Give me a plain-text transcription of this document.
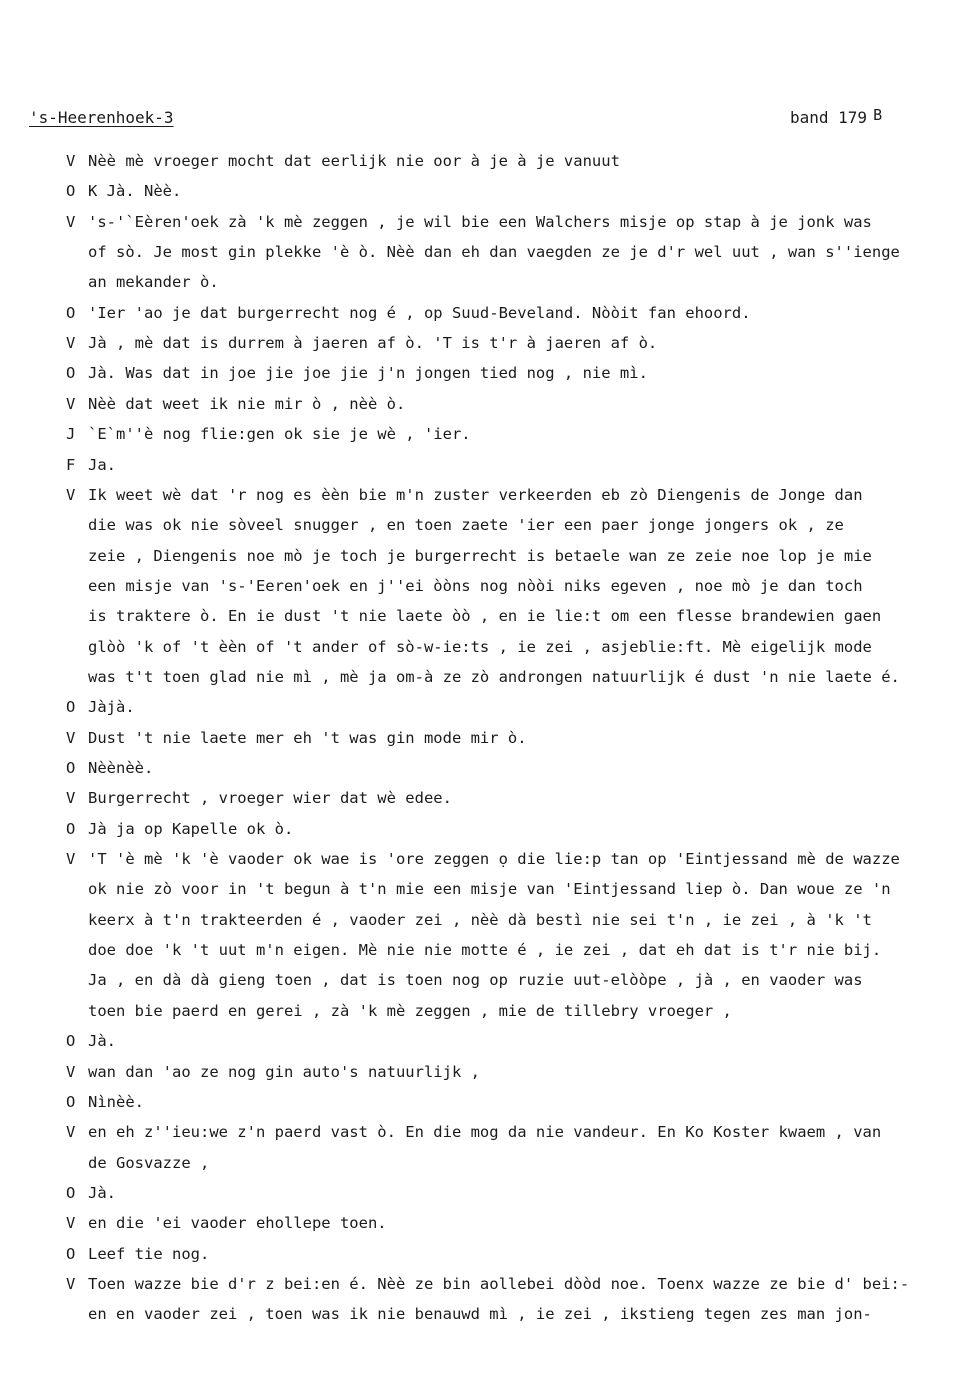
's-Heerenhoek-3	band 179 B
V Nèè mè vroeger mocht dat eerlijk nie oor à je à je vanuut
O K Jà. Nèè.
V 's-'`Eèren'oek zà 'k mè zeggen , je wil bie een Walchers misje op stap à je jonk was
of sò. Je most gin plekke 'è ò. Nèè dan eh dan vaegden ze je d'r wel uut , wan s''ienge
an mekander ò.
O 'Ier 'ao je dat burgerrecht nog é , op Suud-Beveland. Nòòit fan ehoord.
V Jà , mè dat is durrem à jaeren af ò. 'T is t'r à jaeren af ò.
O Jà. Was dat in joe jie joe jie j'n jongen tied nog , nie mì.
V Nèè dat weet ik nie mir ò , nèè ò.
J `E`m''è nog flie:gen ok sie je wè , 'ier.
F Ja.
V Ik weet wè dat 'r nog es èèn bie m'n zuster verkeerden eb zò Diengenis de Jonge dan
die was ok nie sòveel snugger , en toen zaete 'ier een paer jonge jongers ok , ze
zeie , Diengenis noe mò je toch je burgerrecht is betaele wan ze zeie noe lop je mie
een misje van 's-'Eeren'oek en j''ei òòns nog nòòi niks egeven , noe mò je dan toch
is traktere ò. En ie dust 't nie laete òò , en ie lie:t om een flesse brandewien gaen
glòò 'k of 't èèn of 't ander of sò-w-ie:ts , ie zei , asjeblie:ft. Mè eigelijk mode
was t't toen glad nie mì , mè ja om-à ze zò androngen natuurlijk é dust 'n nie laete é.
O Jàjà.
V Dust 't nie laete mer eh 't was gin mode mir ò.
O Nèènèè.
V Burgerrecht , vroeger wier dat wè edee.
O Jà ja op Kapelle ok ò.
V 'T 'è mè 'k 'è vaoder ok wae is 'ore zeggen ọ die lie:p tan op 'Eintjessand mè de wazze
ok nie zò voor in 't begun à t'n mie een misje van 'Eintjessand liep ò. Dan woue ze 'n
keerx à t'n trakteerden é , vaoder zei , nèè dà bestì nie sei t'n , ie zei , à 'k 't
doe doe 'k 't uut m'n eigen. Mè nie nie motte é , ie zei , dat eh dat is t'r nie bij.
Ja , en dà dà gieng toen , dat is toen nog op ruzie uut-elòòpe , jà , en vaoder was
toen bie paerd en gerei , zà 'k mè zeggen , mie de tillebry vroeger ,
O Jà.
V wan dan 'ao ze nog gin auto's natuurlijk ,
O Nìnèè.
V en eh z''ieu:we z'n paerd vast ò. En die mog da nie vandeur. En Ko Koster kwaem , van
de Gosvazze ,
O Jà.
V en die 'ei vaoder ehollepe toen.
O Leef tie nog.
V Toen wazze bie d'r z bei:en é. Nèè ze bin aollebei dòòd noe. Toenx wazze ze bie d' bei:-
en en vaoder zei , toen was ik nie benauwd mì , ie zei , ikstieng tegen zes man jon-
